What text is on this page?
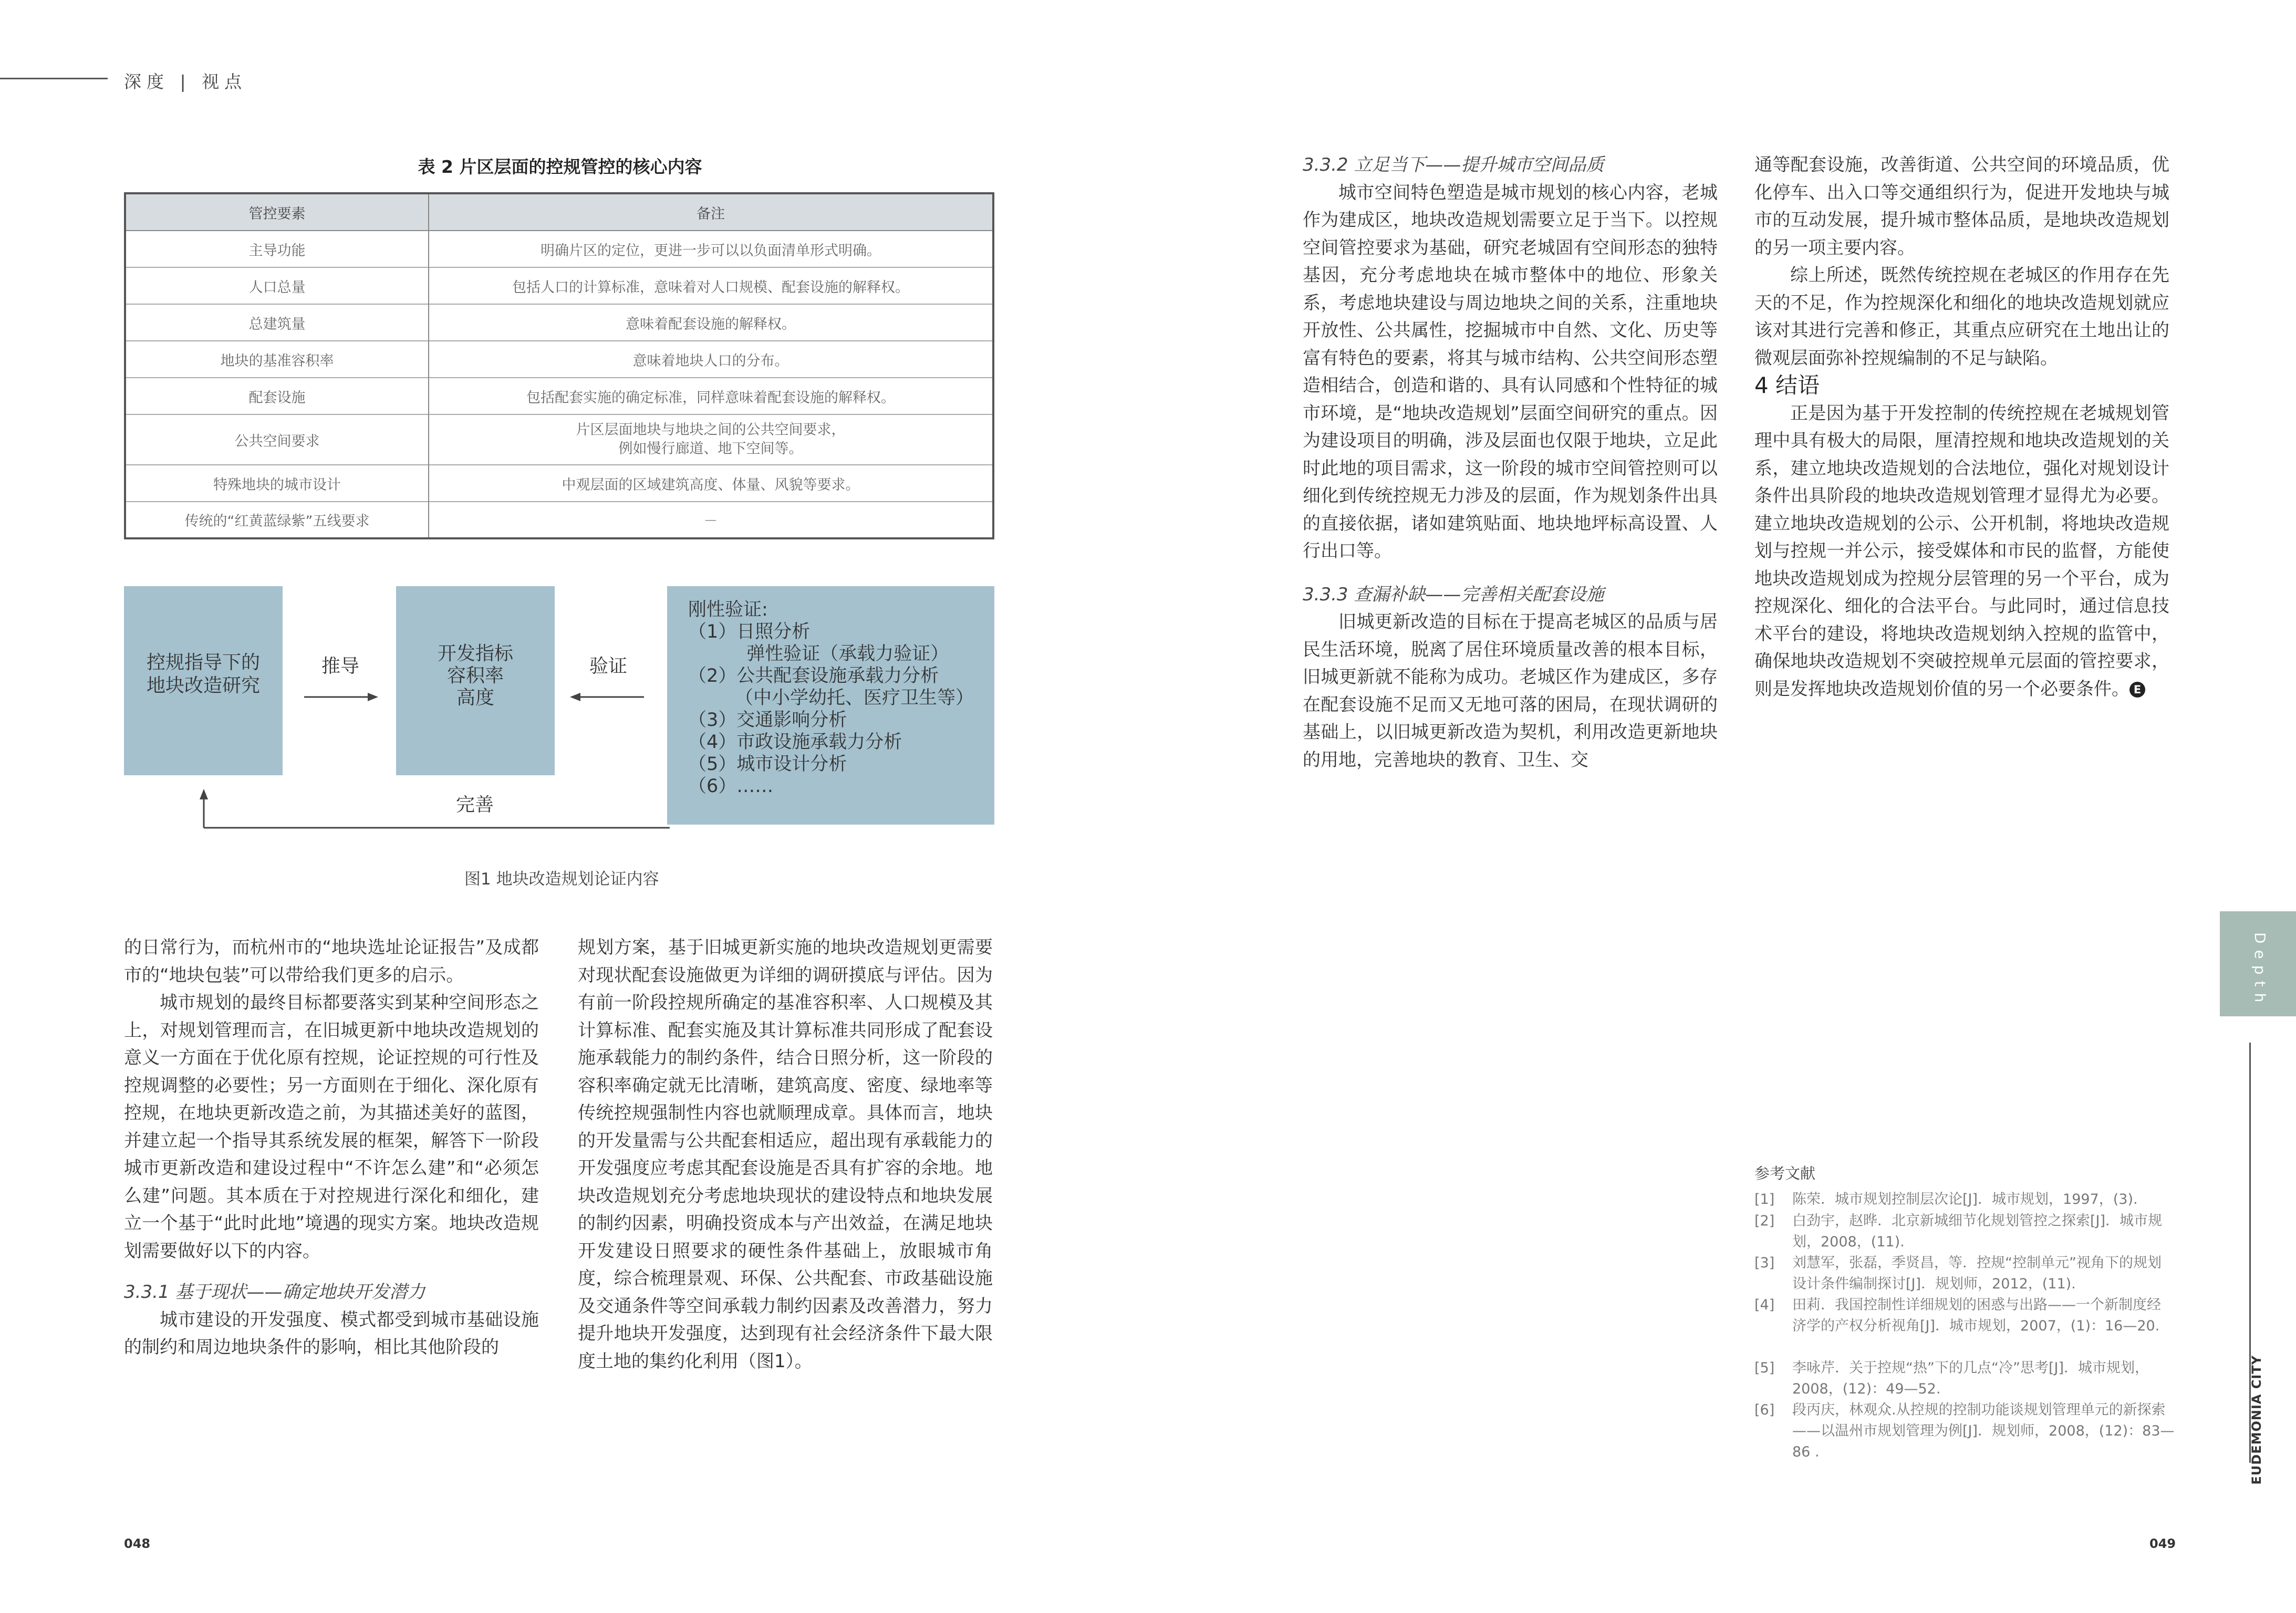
深度 | 视点
表 2 片区层面的控规管控的核心内容
管控要素	备注
主导功能	明确片区的定位，更进一步可以以负面清单形式明确。
人口总量	包括人口的计算标准，意味着对人口规模、配套设施的解释权。
总建筑量	意味着配套设施的解释权。
地块的基准容积率	意味着地块人口的分布。
配套设施	包括配套实施的确定标准，同样意味着配套设施的解释权。
公共空间要求	片区层面地块与地块之间的公共空间要求，
例如慢行廊道、地下空间等。
特殊地块的城市设计	中观层面的区域建筑高度、体量、风貌等要求。
传统的“红黄蓝绿紫”五线要求	－
控规指导下的
地块改造研究
推导
开发指标
容积率
高度
验证
刚性验证:
（1）日照分析
弹性验证（承载力验证）
（2）公共配套设施承载力分析
（中小学幼托、医疗卫生等）
（3）交通影响分析
（4）市政设施承载力分析
（5）城市设计分析
（6）……
完善
图1 地块改造规划论证内容

的日常行为，而杭州市的“地块选址论证报告”及成都市的“地块包装”可以带给我们更多的启示。

城市规划的最终目标都要落实到某种空间形态之上，对规划管理而言，在旧城更新中地块改造规划的意义一方面在于优化原有控规，论证控规的可行性及控规调整的必要性；另一方面则在于细化、深化原有控规，在地块更新改造之前，为其描述美好的蓝图，并建立起一个指导其系统发展的框架，解答下一阶段城市更新改造和建设过程中“不许怎么建”和“必须怎么建”问题。其本质在于对控规进行深化和细化，建立一个基于“此时此地”境遇的现实方案。地块改造规划需要做好以下的内容。

3.3.1 基于现状——确定地块开发潜力

城市建设的开发强度、模式都受到城市基础设施的制约和周边地块条件的影响，相比其他阶段的

规划方案，基于旧城更新实施的地块改造规划更需要对现状配套设施做更为详细的调研摸底与评估。因为有前一阶段控规所确定的基准容积率、人口规模及其计算标准、配套实施及其计算标准共同形成了配套设施承载能力的制约条件，结合日照分析，这一阶段的容积率确定就无比清晰，建筑高度、密度、绿地率等传统控规强制性内容也就顺理成章。具体而言，地块的开发量需与公共配套相适应，超出现有承载能力的开发强度应考虑其配套设施是否具有扩容的余地。地块改造规划充分考虑地块现状的建设特点和地块发展的制约因素，明确投资成本与产出效益，在满足地块开发建设日照要求的硬性条件基础上，放眼城市角度，综合梳理景观、环保、公共配套、市政基础设施及交通条件等空间承载力制约因素及改善潜力，努力提升地块开发强度，达到现有社会经济条件下最大限度土地的集约化利用（图1）。

3.3.2 立足当下——提升城市空间品质

城市空间特色塑造是城市规划的核心内容，老城作为建成区，地块改造规划需要立足于当下。以控规空间管控要求为基础，研究老城固有空间形态的独特基因，充分考虑地块在城市整体中的地位、形象关系，考虑地块建设与周边地块之间的关系，注重地块开放性、公共属性，挖掘城市中自然、文化、历史等富有特色的要素，将其与城市结构、公共空间形态塑造相结合，创造和谐的、具有认同感和个性特征的城市环境，是“地块改造规划”层面空间研究的重点。因为建设项目的明确，涉及层面也仅限于地块，立足此时此地的项目需求，这一阶段的城市空间管控则可以细化到传统控规无力涉及的层面，作为规划条件出具的直接依据，诸如建筑贴面、地块地坪标高设置、人行出口等。

3.3.3 查漏补缺——完善相关配套设施

旧城更新改造的目标在于提高老城区的品质与居民生活环境，脱离了居住环境质量改善的根本目标，旧城更新就不能称为成功。老城区作为建成区，多存在配套设施不足而又无地可落的困局，在现状调研的基础上，以旧城更新改造为契机，利用改造更新地块的用地，完善地块的教育、卫生、交

通等配套设施，改善街道、公共空间的环境品质，优化停车、出入口等交通组织行为，促进开发地块与城市的互动发展，提升城市整体品质，是地块改造规划的另一项主要内容。

综上所述，既然传统控规在老城区的作用存在先天的不足，作为控规深化和细化的地块改造规划就应该对其进行完善和修正，其重点应研究在土地出让的微观层面弥补控规编制的不足与缺陷。

4 结语

正是因为基于开发控制的传统控规在老城规划管理中具有极大的局限，厘清控规和地块改造规划的关系，建立地块改造规划的合法地位，强化对规划设计条件出具阶段的地块改造规划管理才显得尤为必要。建立地块改造规划的公示、公开机制，将地块改造规划与控规一并公示，接受媒体和市民的监督，方能使地块改造规划成为控规分层管理的另一个平台，成为控规深化、细化的合法平台。与此同时，通过信息技术平台的建设，将地块改造规划纳入控规的监管中，确保地块改造规划不突破控规单元层面的管控要求，则是发挥地块改造规划价值的另一个必要条件。 E

参考文献
[1]	陈荣．城市规划控制层次论[J]．城市规划，1997，(3).
[2]	白劲宇，赵晔．北京新城细节化规划管控之探索[J]．城市规划，2008，(11).
[3]	刘慧军，张磊，季贤昌，等．控规“控制单元”视角下的规划设计条件编制探讨[J]．规划师，2012，(11).
[4]	田莉．我国控制性详细规划的困惑与出路——一个新制度经济学的产权分析视角[J]．城市规划，2007，(1)：16—20.
[5]	李咏芹．关于控规“热”下的几点“冷”思考[J]．城市规划，2008，(12)：49—52.
[6]	段丙庆，林观众.从控规的控制功能谈规划管理单元的新探索——以温州市规划管理为例[J]．规划师，2008，(12)：83—86 .
Depth
EUDEMONIA CITY
048	049
